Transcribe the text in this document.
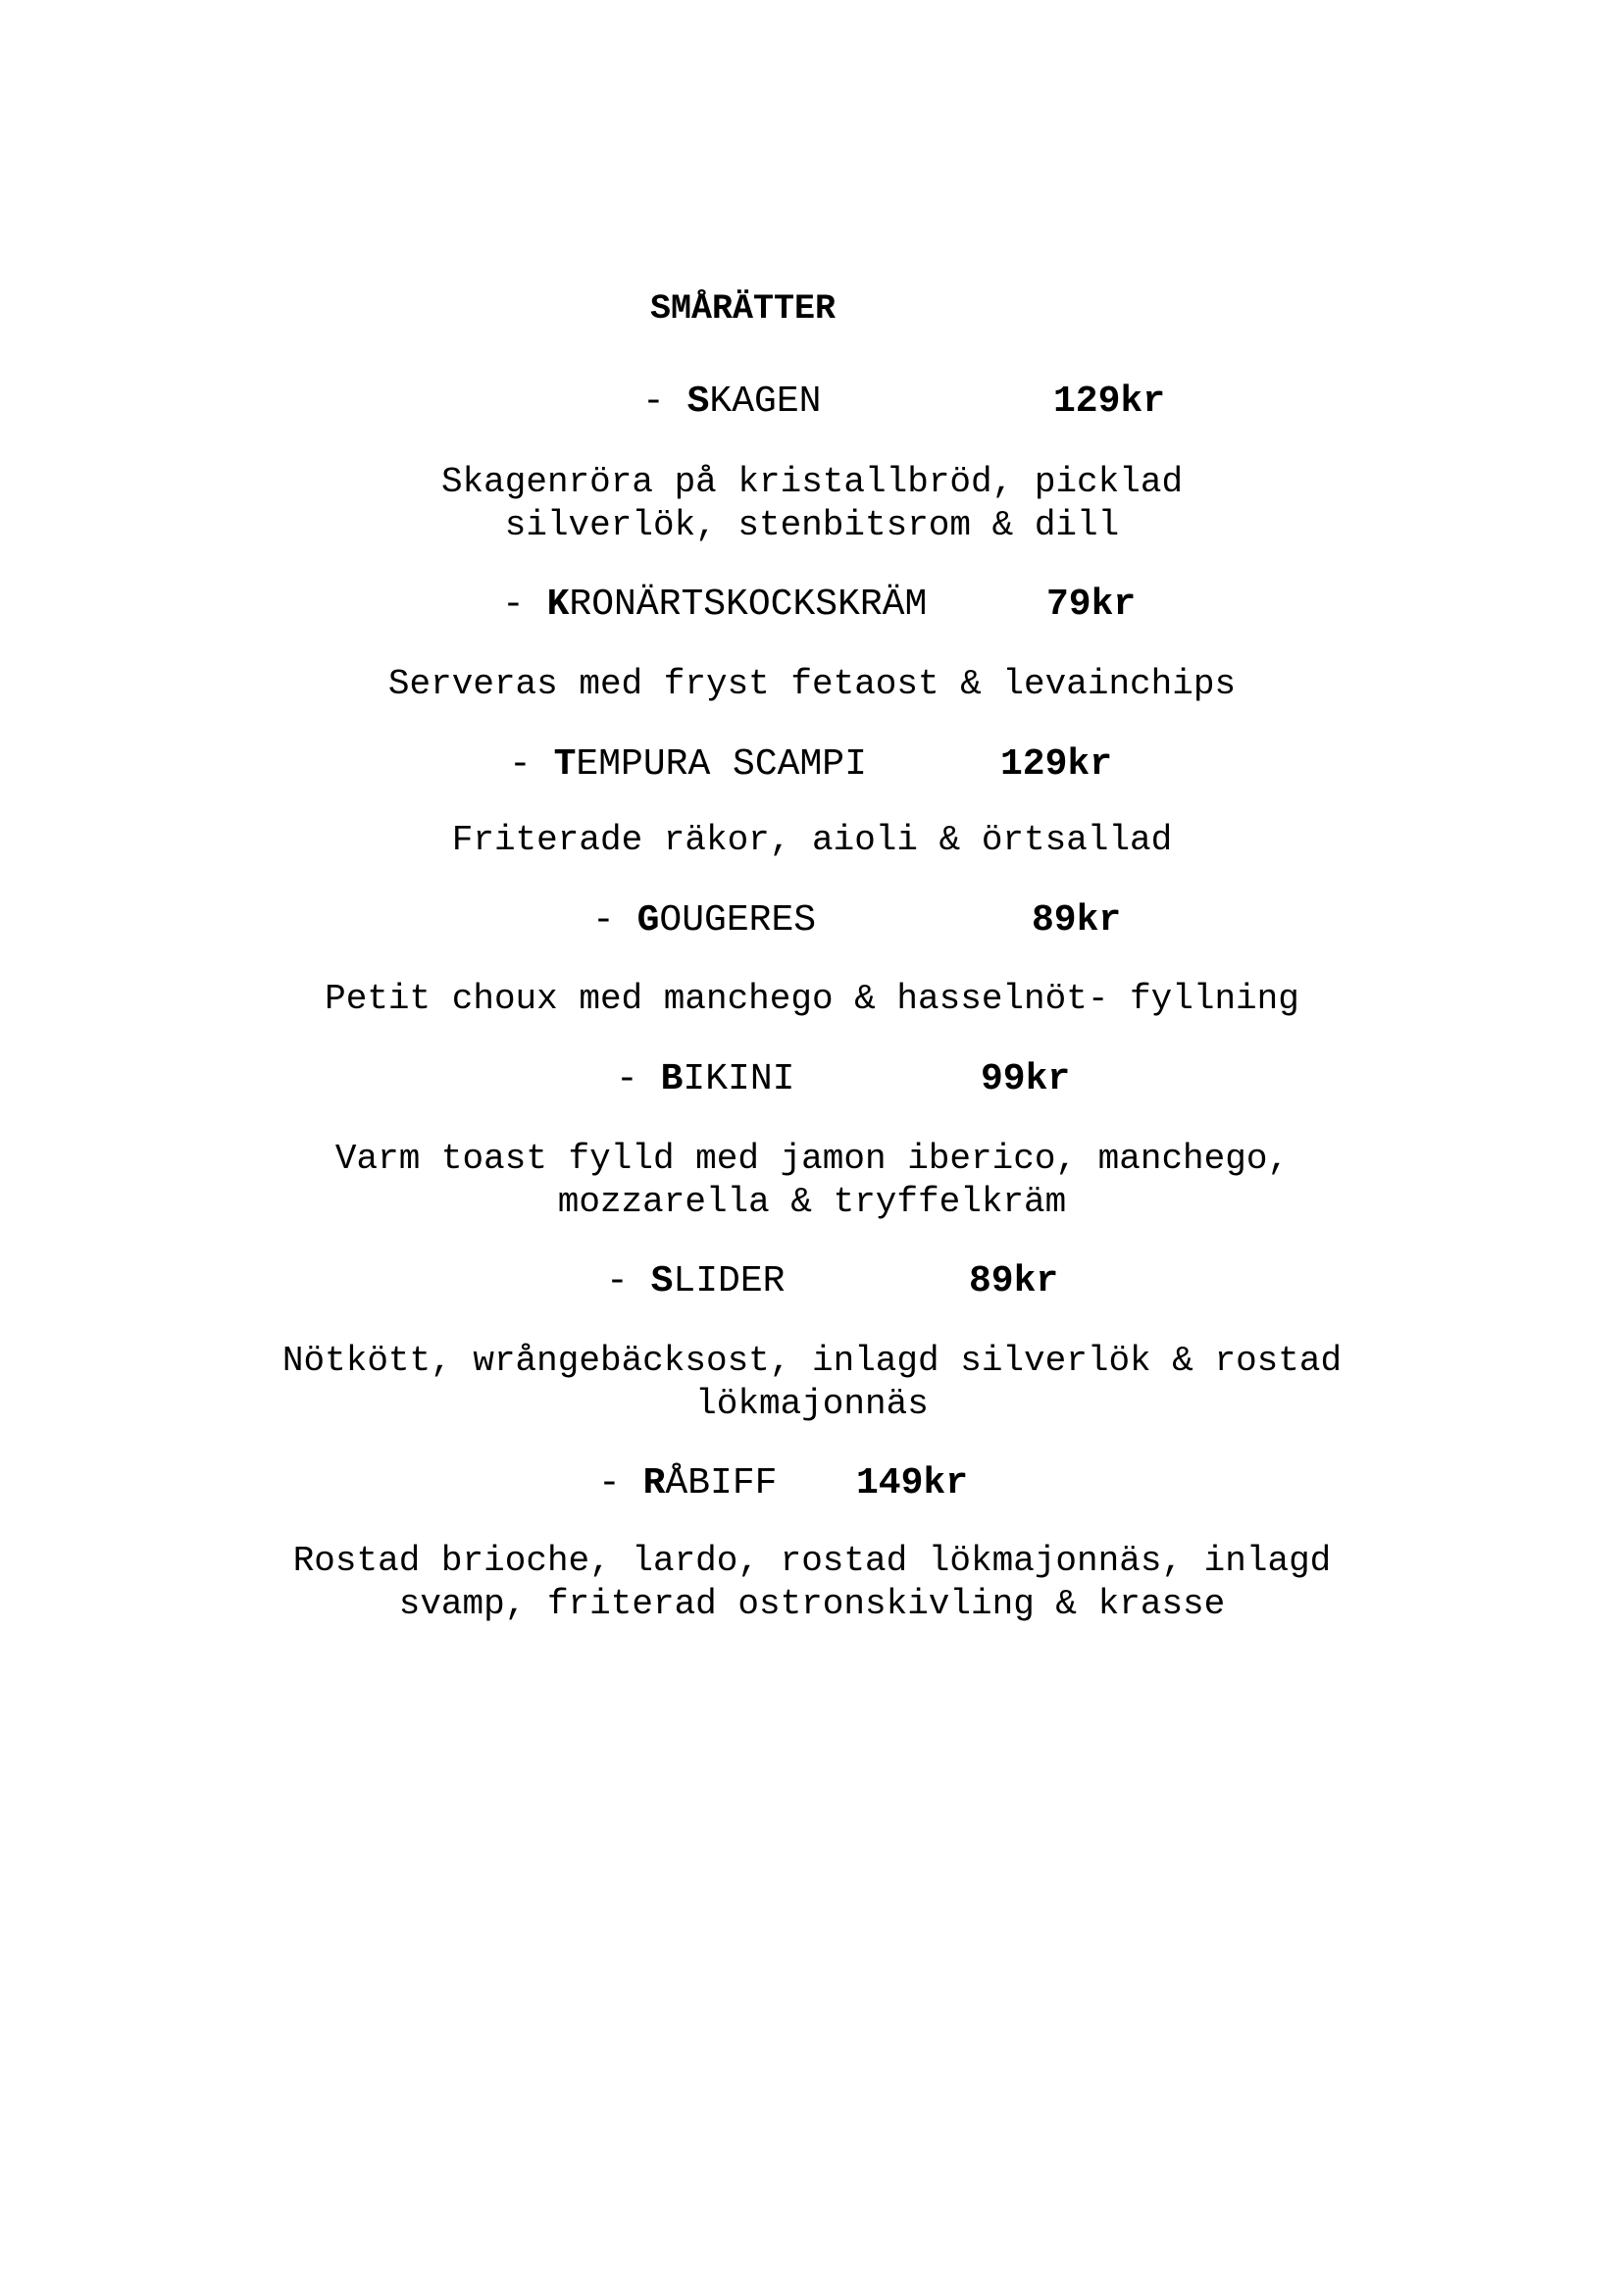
SMÅRÄTTER
- SKAGEN	129kr
Skagenröra på kristallbröd, picklad
silverlök, stenbitsrom & dill
- KRONÄRTSKOCKSKRÄM	79kr
Serveras med fryst fetaost & levainchips
- TEMPURA SCAMPI	129kr
Friterade räkor, aioli & örtsallad
- GOUGERES	89kr
Petit choux med manchego & hasselnöt- fyllning
- BIKINI	99kr
Varm toast fylld med jamon iberico, manchego,
mozzarella & tryffelkräm
- SLIDER	89kr
Nötkött, wrångebäcksost, inlagd silverlök & rostad
lökmajonnäs
- RÅBIFF 149kr
Rostad brioche, lardo, rostad lökmajonnäs, inlagd
svamp, friterad ostronskivling & krasse
